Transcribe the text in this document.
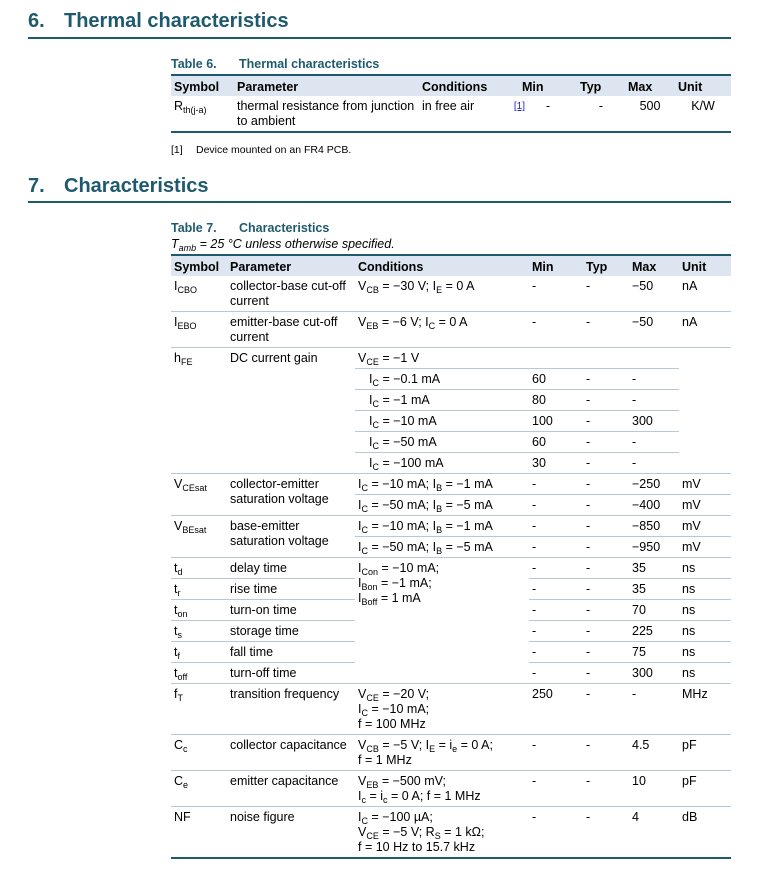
6. Thermal characteristics
Table 6. Thermal characteristics
Symbol	Parameter	Conditions	Min	Typ	Max	Unit
$R_{th(j-a)}$	thermal resistance from junction to ambient	in free air [1]	-	-	500	K/W
[1] Device mounted on an FR4 PCB.
7. Characteristics
Table 7. Characteristics
$T_{amb} = 25$ °C unless otherwise specified.
Symbol	Parameter	Conditions	Min	Typ	Max	Unit
$I_{CBO}$	collector-base cut-off current	$V_{CB} = -30$ V; $I_E = 0$ A	-	-	−50	nA
$I_{EBO}$	emitter-base cut-off current	$V_{EB} = -6$ V; $I_C = 0$ A	-	-	−50	nA
$h_{FE}$	DC current gain	$V_{CE} = -1$ V				
		$I_C = -0.1$ mA	60	-	-	
		$I_C = -1$ mA	80	-	-	
		$I_C = -10$ mA	100	-	300	
		$I_C = -50$ mA	60	-	-	
		$I_C = -100$ mA	30	-	-	
$V_{CEsat}$	collector-emitter saturation voltage	$I_C = -10$ mA; $I_B = -1$ mA	-	-	−250	mV
		$I_C = -50$ mA; $I_B = -5$ mA	-	-	−400	mV
$V_{BEsat}$	base-emitter saturation voltage	$I_C = -10$ mA; $I_B = -1$ mA	-	-	−850	mV
		$I_C = -50$ mA; $I_B = -5$ mA	-	-	−950	mV
$t_d$	delay time	$I_{Con} = -10$ mA;
$I_{Bon} = -1$ mA;
$I_{Boff} = 1$ mA	-	-	35	ns
$t_r$	rise time		-	-	35	ns
$t_{on}$	turn-on time		-	-	70	ns
$t_s$	storage time		-	-	225	ns
$t_f$	fall time		-	-	75	ns
$t_{off}$	turn-off time		-	-	300	ns
$f_T$	transition frequency	$V_{CE} = -20$ V;
$I_C = -10$ mA;
f = 100 MHz	250	-	-	MHz
$C_c$	collector capacitance	$V_{CB} = -5$ V; $I_E = i_e = 0$ A;
f = 1 MHz	-	-	4.5	pF
$C_e$	emitter capacitance	$V_{EB} = -500$ mV;
$I_c = i_c = 0$ A; f = 1 MHz	-	-	10	pF
NF	noise figure	$I_C = -100$ µA;
$V_{CE} = -5$ V; $R_S = 1$ kΩ;
f = 10 Hz to 15.7 kHz	-	-	4	dB
